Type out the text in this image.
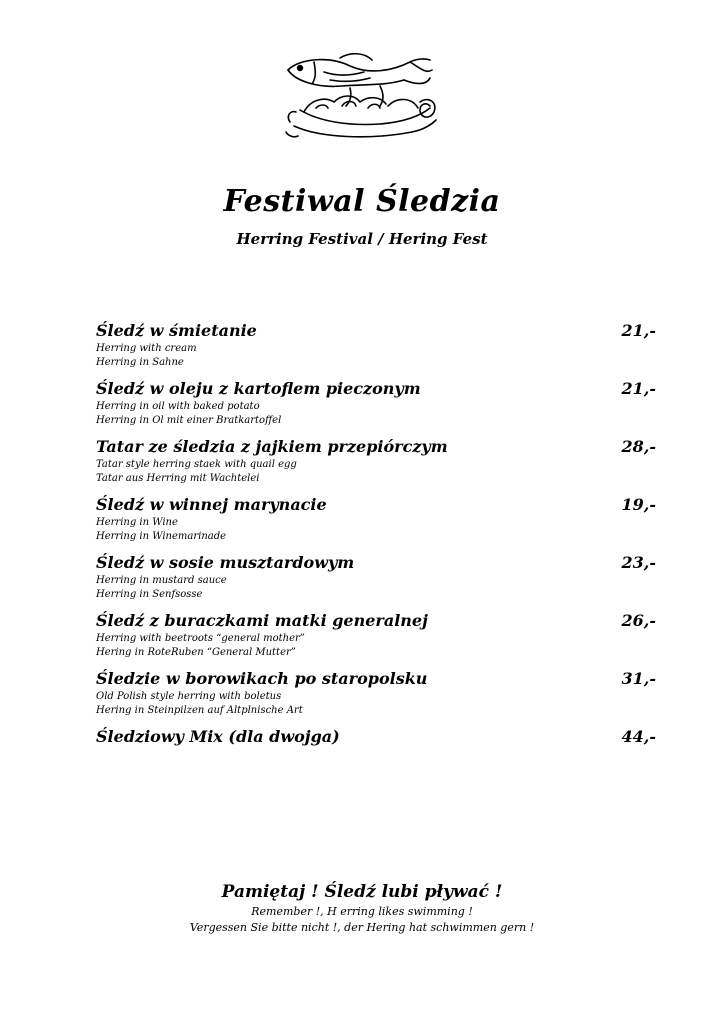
Festiwal Śledzia
Herring Festival / Hering Fest
Śledź w śmietanie	21,-
Herring with cream
Herring in Sahne
Śledź w oleju z kartoflem pieczonym	21,-
Herring in oil with baked potato
Herring in Ol mit einer Bratkartoffel
Tatar ze śledzia z jajkiem przepiórczym	28,-
Tatar style herring staek with quail egg
Tatar aus Herring mit Wachtelei
Śledź w winnej marynacie	19,-
Herring in Wine
Herring in Winemarinade
Śledź w sosie musztardowym	23,-
Herring in mustard sauce
Herring in Senfsosse
Śledź z buraczkami matki generalnej	26,-
Herring with beetroots “general mother”
Hering in RoteRuben “General Mutter”
Śledzie w borowikach po staropolsku	31,-
Old Polish style herring with boletus
Hering in Steinpilzen auf Altplnische Art
Śledziowy Mix (dla dwojga)	44,-
Pamiętaj ! Śledź lubi pływać !
Remember !, H erring likes swimming !
Vergessen Sie bitte nicht !, der Hering hat schwimmen gern !
